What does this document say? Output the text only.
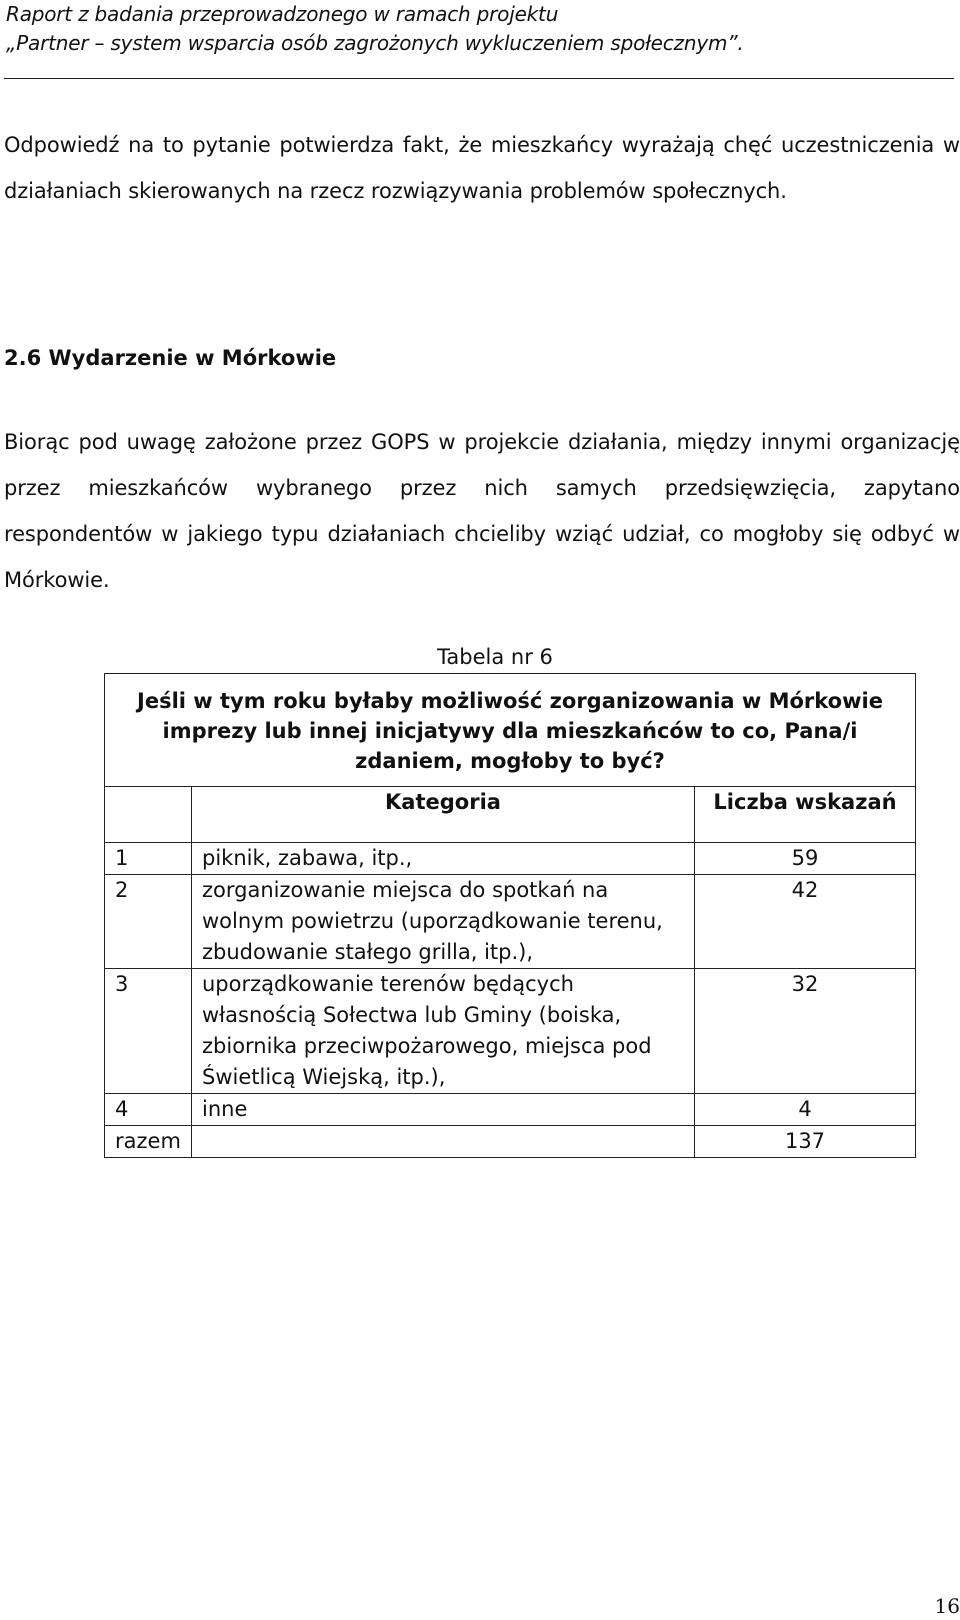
Raport z badania przeprowadzonego w ramach projektu
„Partner – system wsparcia osób zagrożonych wykluczeniem społecznym”.
Odpowiedź na to pytanie potwierdza fakt, że mieszkańcy wyrażają chęć uczestniczenia w działaniach skierowanych na rzecz rozwiązywania problemów społecznych.
2.6 Wydarzenie w Mórkowie
Biorąc pod uwagę założone przez GOPS w projekcie działania, między innymi organizację przez mieszkańców wybranego przez nich samych przedsięwzięcia, zapytano respondentów w jakiego typu działaniach chcieliby wziąć udział, co mogłoby się odbyć w Mórkowie.
Tabela nr 6
Jeśli w tym roku byłaby możliwość zorganizowania w Mórkowie imprezy lub innej inicjatywy dla mieszkańców to co, Pana/i zdaniem, mogłoby to być?		
	Kategoria	Liczba wskazań
1	piknik, zabawa, itp.,	59
2	zorganizowanie miejsca do spotkań na wolnym powietrzu (uporządkowanie terenu, zbudowanie stałego grilla, itp.),	42
3	uporządkowanie terenów będących własnością Sołectwa lub Gminy (boiska, zbiornika przeciwpożarowego, miejsca pod Świetlicą Wiejską, itp.),	32
4	inne	4
razem		137
16
